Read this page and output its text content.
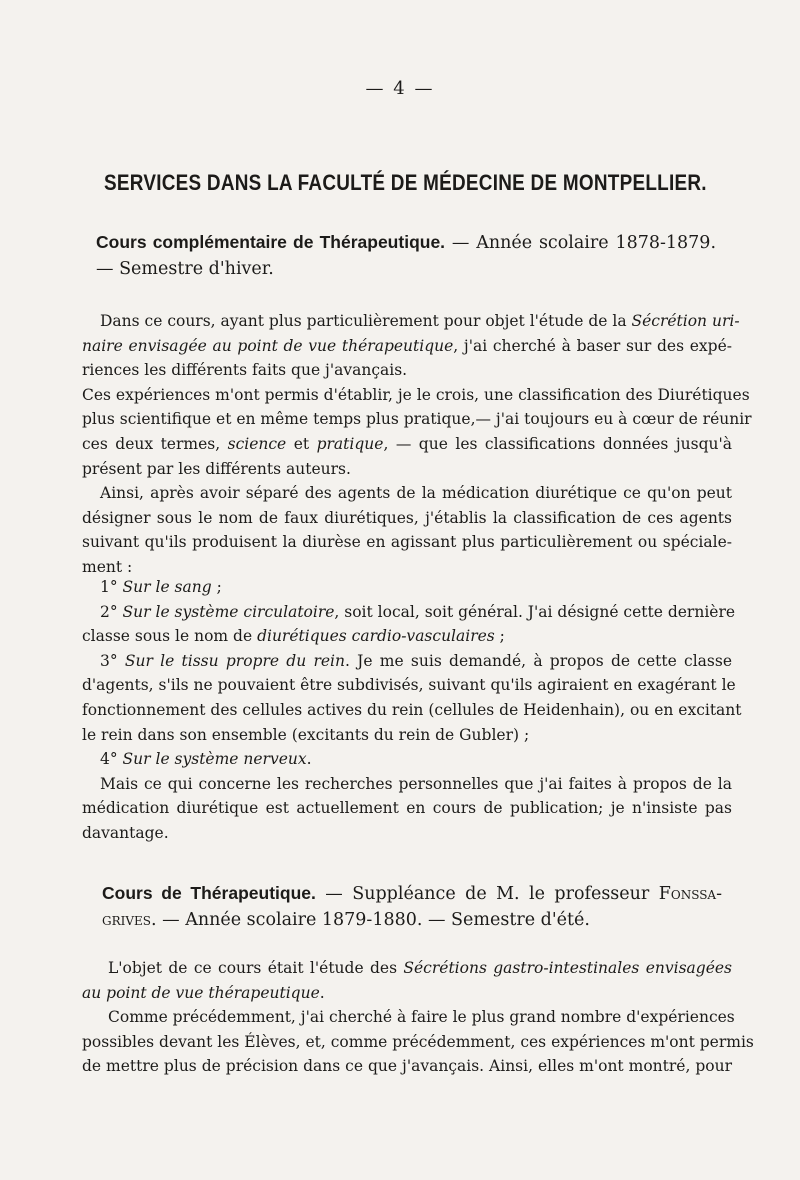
— 4 —
SERVICES DANS LA FACULTÉ DE MÉDECINE DE MONTPELLIER.
Cours complémentaire de Thérapeutique. — Année scolaire 1878-1879.
— Semestre d'hiver.
Dans ce cours, ayant plus particulièrement pour objet l'étude de la Sécrétion uri-
naire envisagée au point de vue thérapeutique, j'ai cherché à baser sur des expé-
riences les différents faits que j'avançais.
Ces expériences m'ont permis d'établir, je le crois, une classification des Diurétiques
plus scientifique et en même temps plus pratique,— j'ai toujours eu à cœur de réunir
ces deux termes, science et pratique, — que les classifications données jusqu'à
présent par les différents auteurs.
Ainsi, après avoir séparé des agents de la médication diurétique ce qu'on peut
désigner sous le nom de faux diurétiques, j'établis la classification de ces agents
suivant qu'ils produisent la diurèse en agissant plus particulièrement ou spéciale-
ment :
1° Sur le sang ;
2° Sur le système circulatoire, soit local, soit général. J'ai désigné cette dernière
classe sous le nom de diurétiques cardio-vasculaires ;
3° Sur le tissu propre du rein. Je me suis demandé, à propos de cette classe
d'agents, s'ils ne pouvaient être subdivisés, suivant qu'ils agiraient en exagérant le
fonctionnement des cellules actives du rein (cellules de Heidenhain), ou en excitant
le rein dans son ensemble (excitants du rein de Gubler) ;
4° Sur le système nerveux.
Mais ce qui concerne les recherches personnelles que j'ai faites à propos de la
médication diurétique est actuellement en cours de publication; je n'insiste pas
davantage.
Cours de Thérapeutique. — Suppléance de M. le professeur Fonssa-
grives. — Année scolaire 1879-1880. — Semestre d'été.
L'objet de ce cours était l'étude des Sécrétions gastro-intestinales envisagées
au point de vue thérapeutique.
Comme précédemment, j'ai cherché à faire le plus grand nombre d'expériences
possibles devant les Élèves, et, comme précédemment, ces expériences m'ont permis
de mettre plus de précision dans ce que j'avançais. Ainsi, elles m'ont montré, pour
